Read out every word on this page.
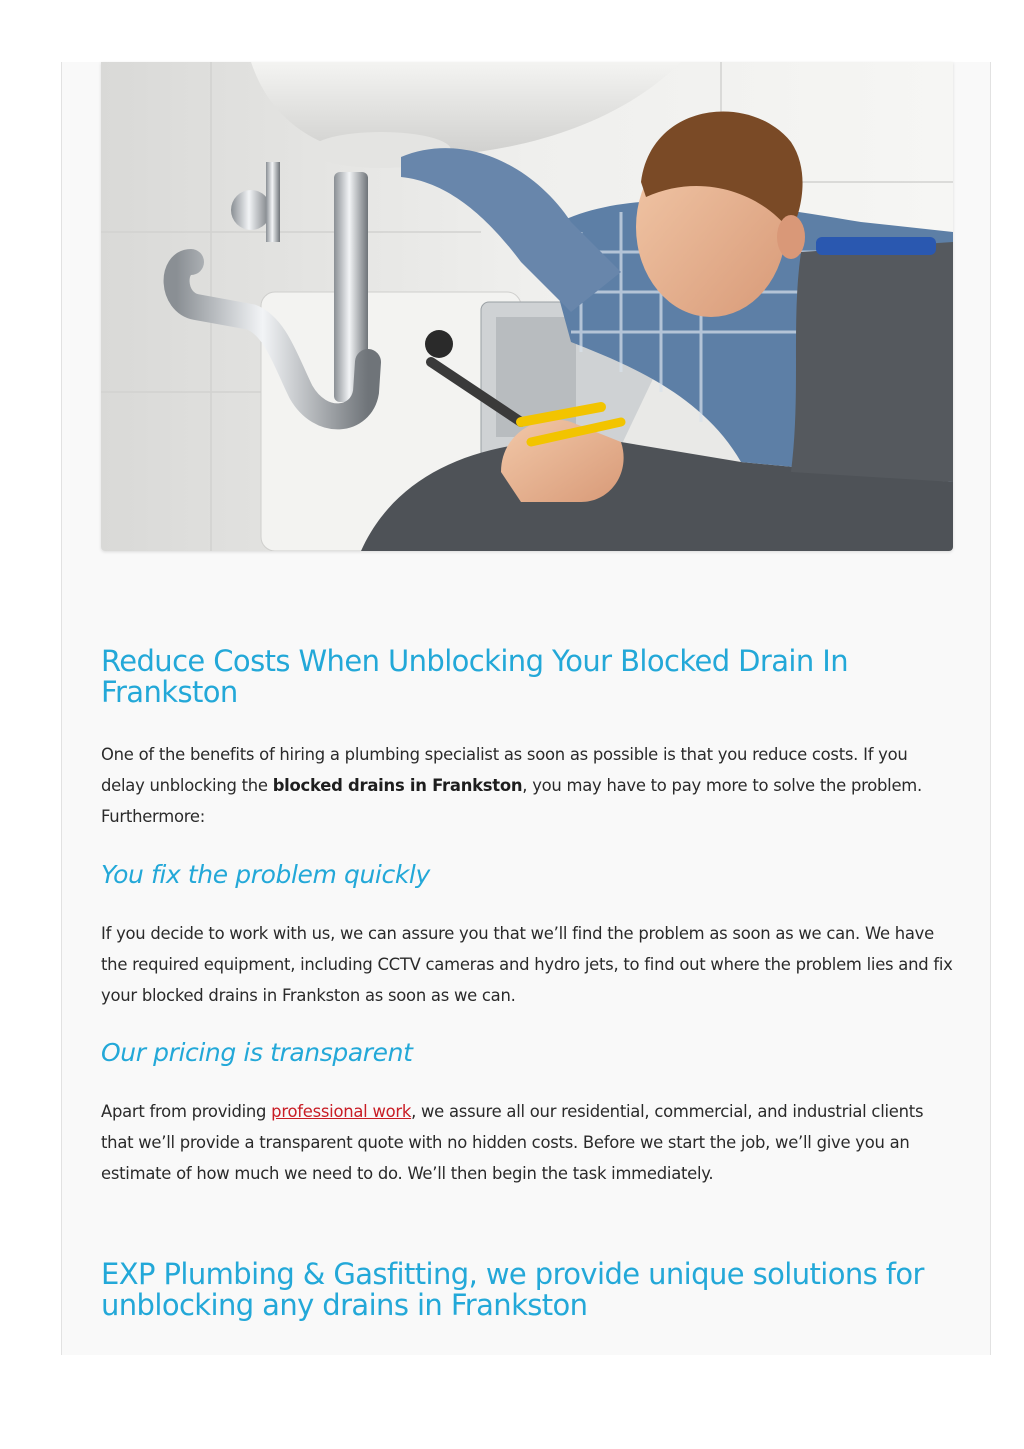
Reduce Costs When Unblocking Your Blocked Drain In Frankston

One of the benefits of hiring a plumbing specialist as soon as possible is that you reduce costs. If you delay unblocking the blocked drains in Frankston, you may have to pay more to solve the problem. Furthermore:

You fix the problem quickly

If you decide to work with us, we can assure you that we’ll find the problem as soon as we can. We have the required equipment, including CCTV cameras and hydro jets, to find out where the problem lies and fix your blocked drains in Frankston as soon as we can.

Our pricing is transparent

Apart from providing professional work, we assure all our residential, commercial, and industrial clients that we’ll provide a transparent quote with no hidden costs. Before we start the job, we’ll give you an estimate of how much we need to do. We’ll then begin the task immediately.

EXP Plumbing & Gasfitting, we provide unique solutions for unblocking any drains in Frankston
